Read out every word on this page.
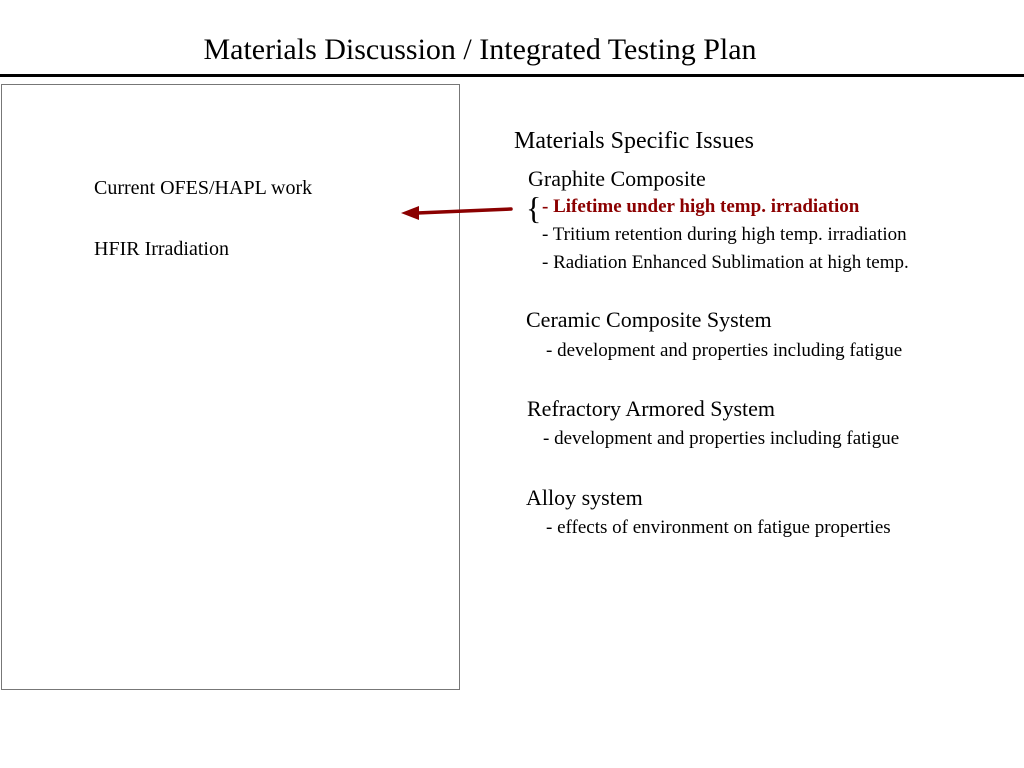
Materials Discussion / Integrated Testing Plan
Current OFES/HAPL work
HFIR Irradiation
Materials Specific Issues
Graphite Composite
{ - Lifetime under high temp. irradiation
- Tritium retention during high temp. irradiation
- Radiation Enhanced Sublimation at high temp.
Ceramic Composite System
- development and properties including fatigue
Refractory Armored System
- development and properties including fatigue
Alloy system
- effects of environment on fatigue properties
